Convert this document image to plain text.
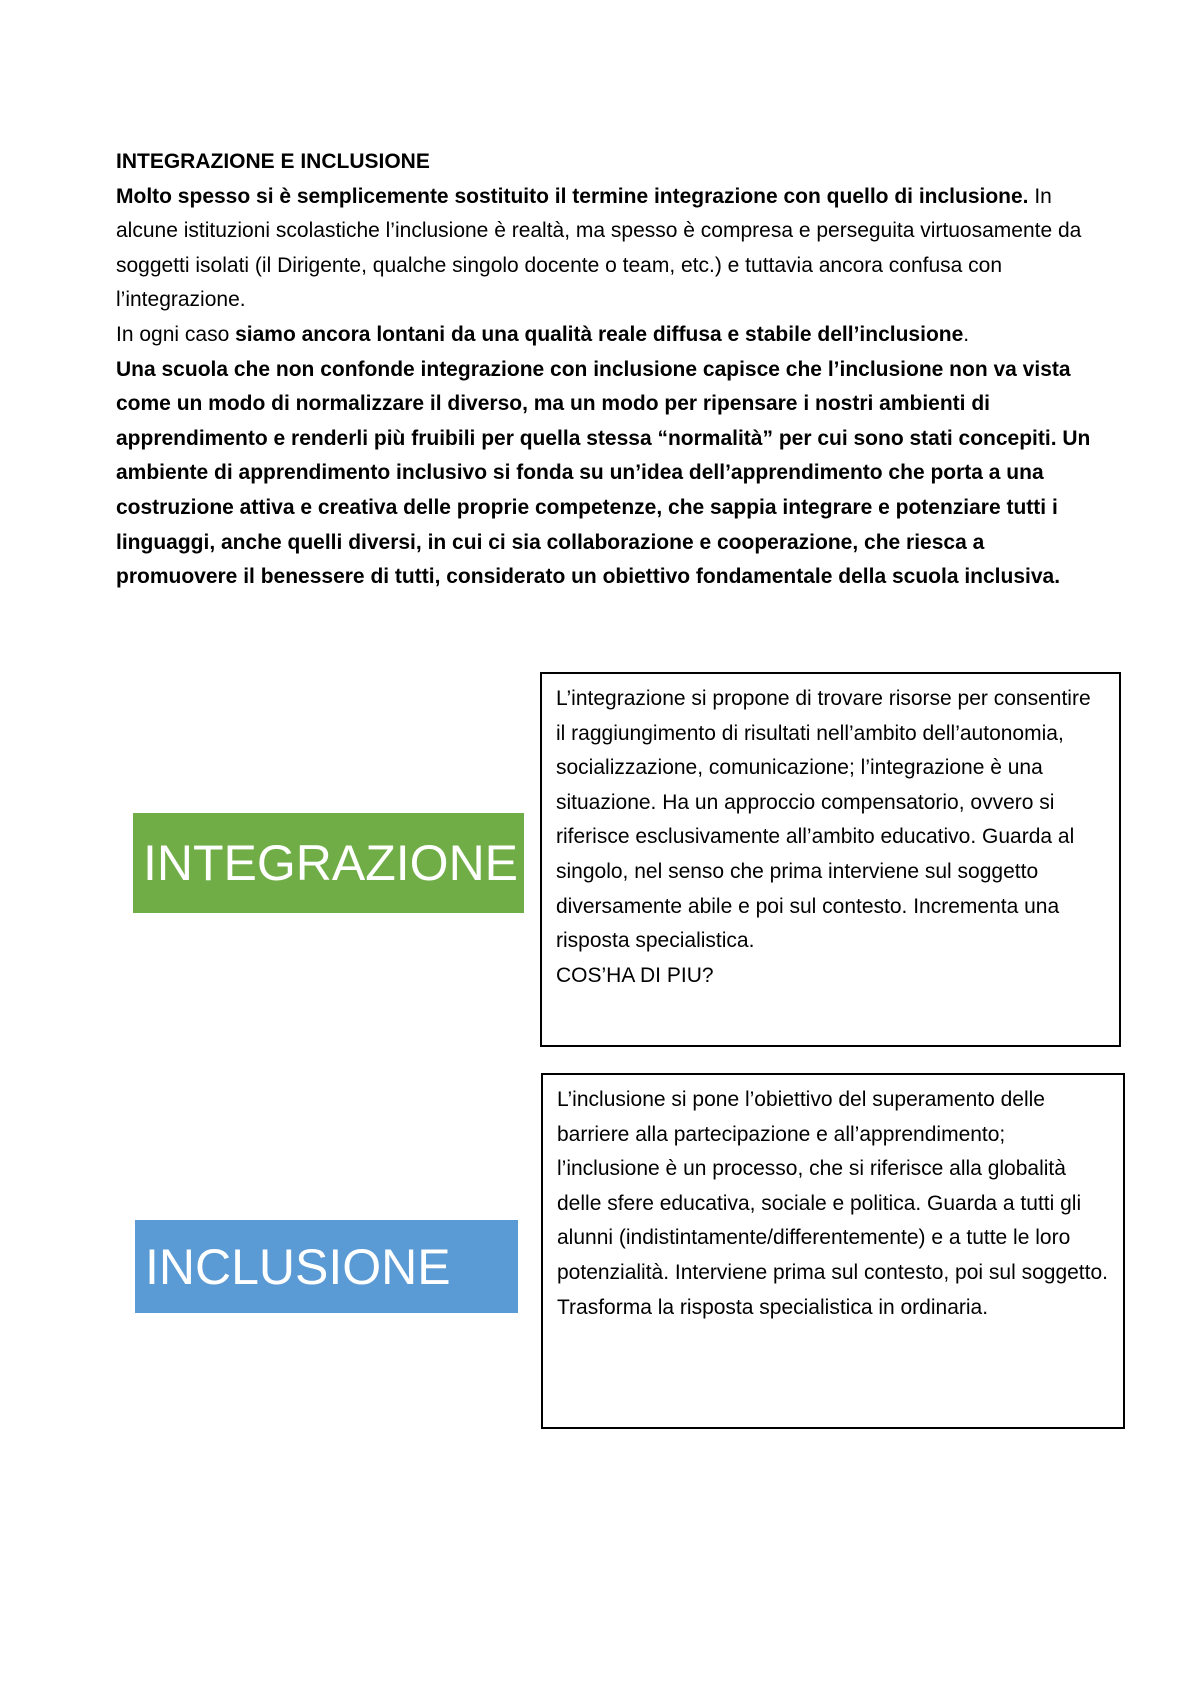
INTEGRAZIONE E INCLUSIONE

Molto spesso si è semplicemente sostituito il termine integrazione con quello di inclusione. In alcune istituzioni scolastiche l’inclusione è realtà, ma spesso è compresa e perseguita virtuosamente da soggetti isolati (il Dirigente, qualche singolo docente o team, etc.) e tuttavia ancora confusa con l’integrazione.

In ogni caso siamo ancora lontani da una qualità reale diffusa e stabile dell’inclusione.

Una scuola che non confonde integrazione con inclusione capisce che l’inclusione non va vista come un modo di normalizzare il diverso, ma un modo per ripensare i nostri ambienti di apprendimento e renderli più fruibili per quella stessa “normalità” per cui sono stati concepiti. Un ambiente di apprendimento inclusivo si fonda su un’idea dell’apprendimento che porta a una costruzione attiva e creativa delle proprie competenze, che sappia integrare e potenziare tutti i linguaggi, anche quelli diversi, in cui ci sia collaborazione e cooperazione, che riesca a promuovere il benessere di tutti, considerato un obiettivo fondamentale della scuola inclusiva.

INTEGRAZIONE
L’integrazione si propone di trovare risorse per consentire il raggiungimento di risultati nell’ambito dell’autonomia, socializzazione, comunicazione; l’integrazione è una situazione. Ha un approccio compensatorio, ovvero si riferisce esclusivamente all’ambito educativo. Guarda al singolo, nel senso che prima interviene sul soggetto diversamente abile e poi sul contesto. Incrementa una risposta specialistica.
COS’HA DI PIU?
INCLUSIONE
L’inclusione si pone l’obiettivo del superamento delle barriere alla partecipazione e all’apprendimento; l’inclusione è un processo, che si riferisce alla globalità delle sfere educativa, sociale e politica. Guarda a tutti gli alunni (indistintamente/differentemente) e a tutte le loro potenzialità. Interviene prima sul contesto, poi sul soggetto. Trasforma la risposta specialistica in ordinaria.
